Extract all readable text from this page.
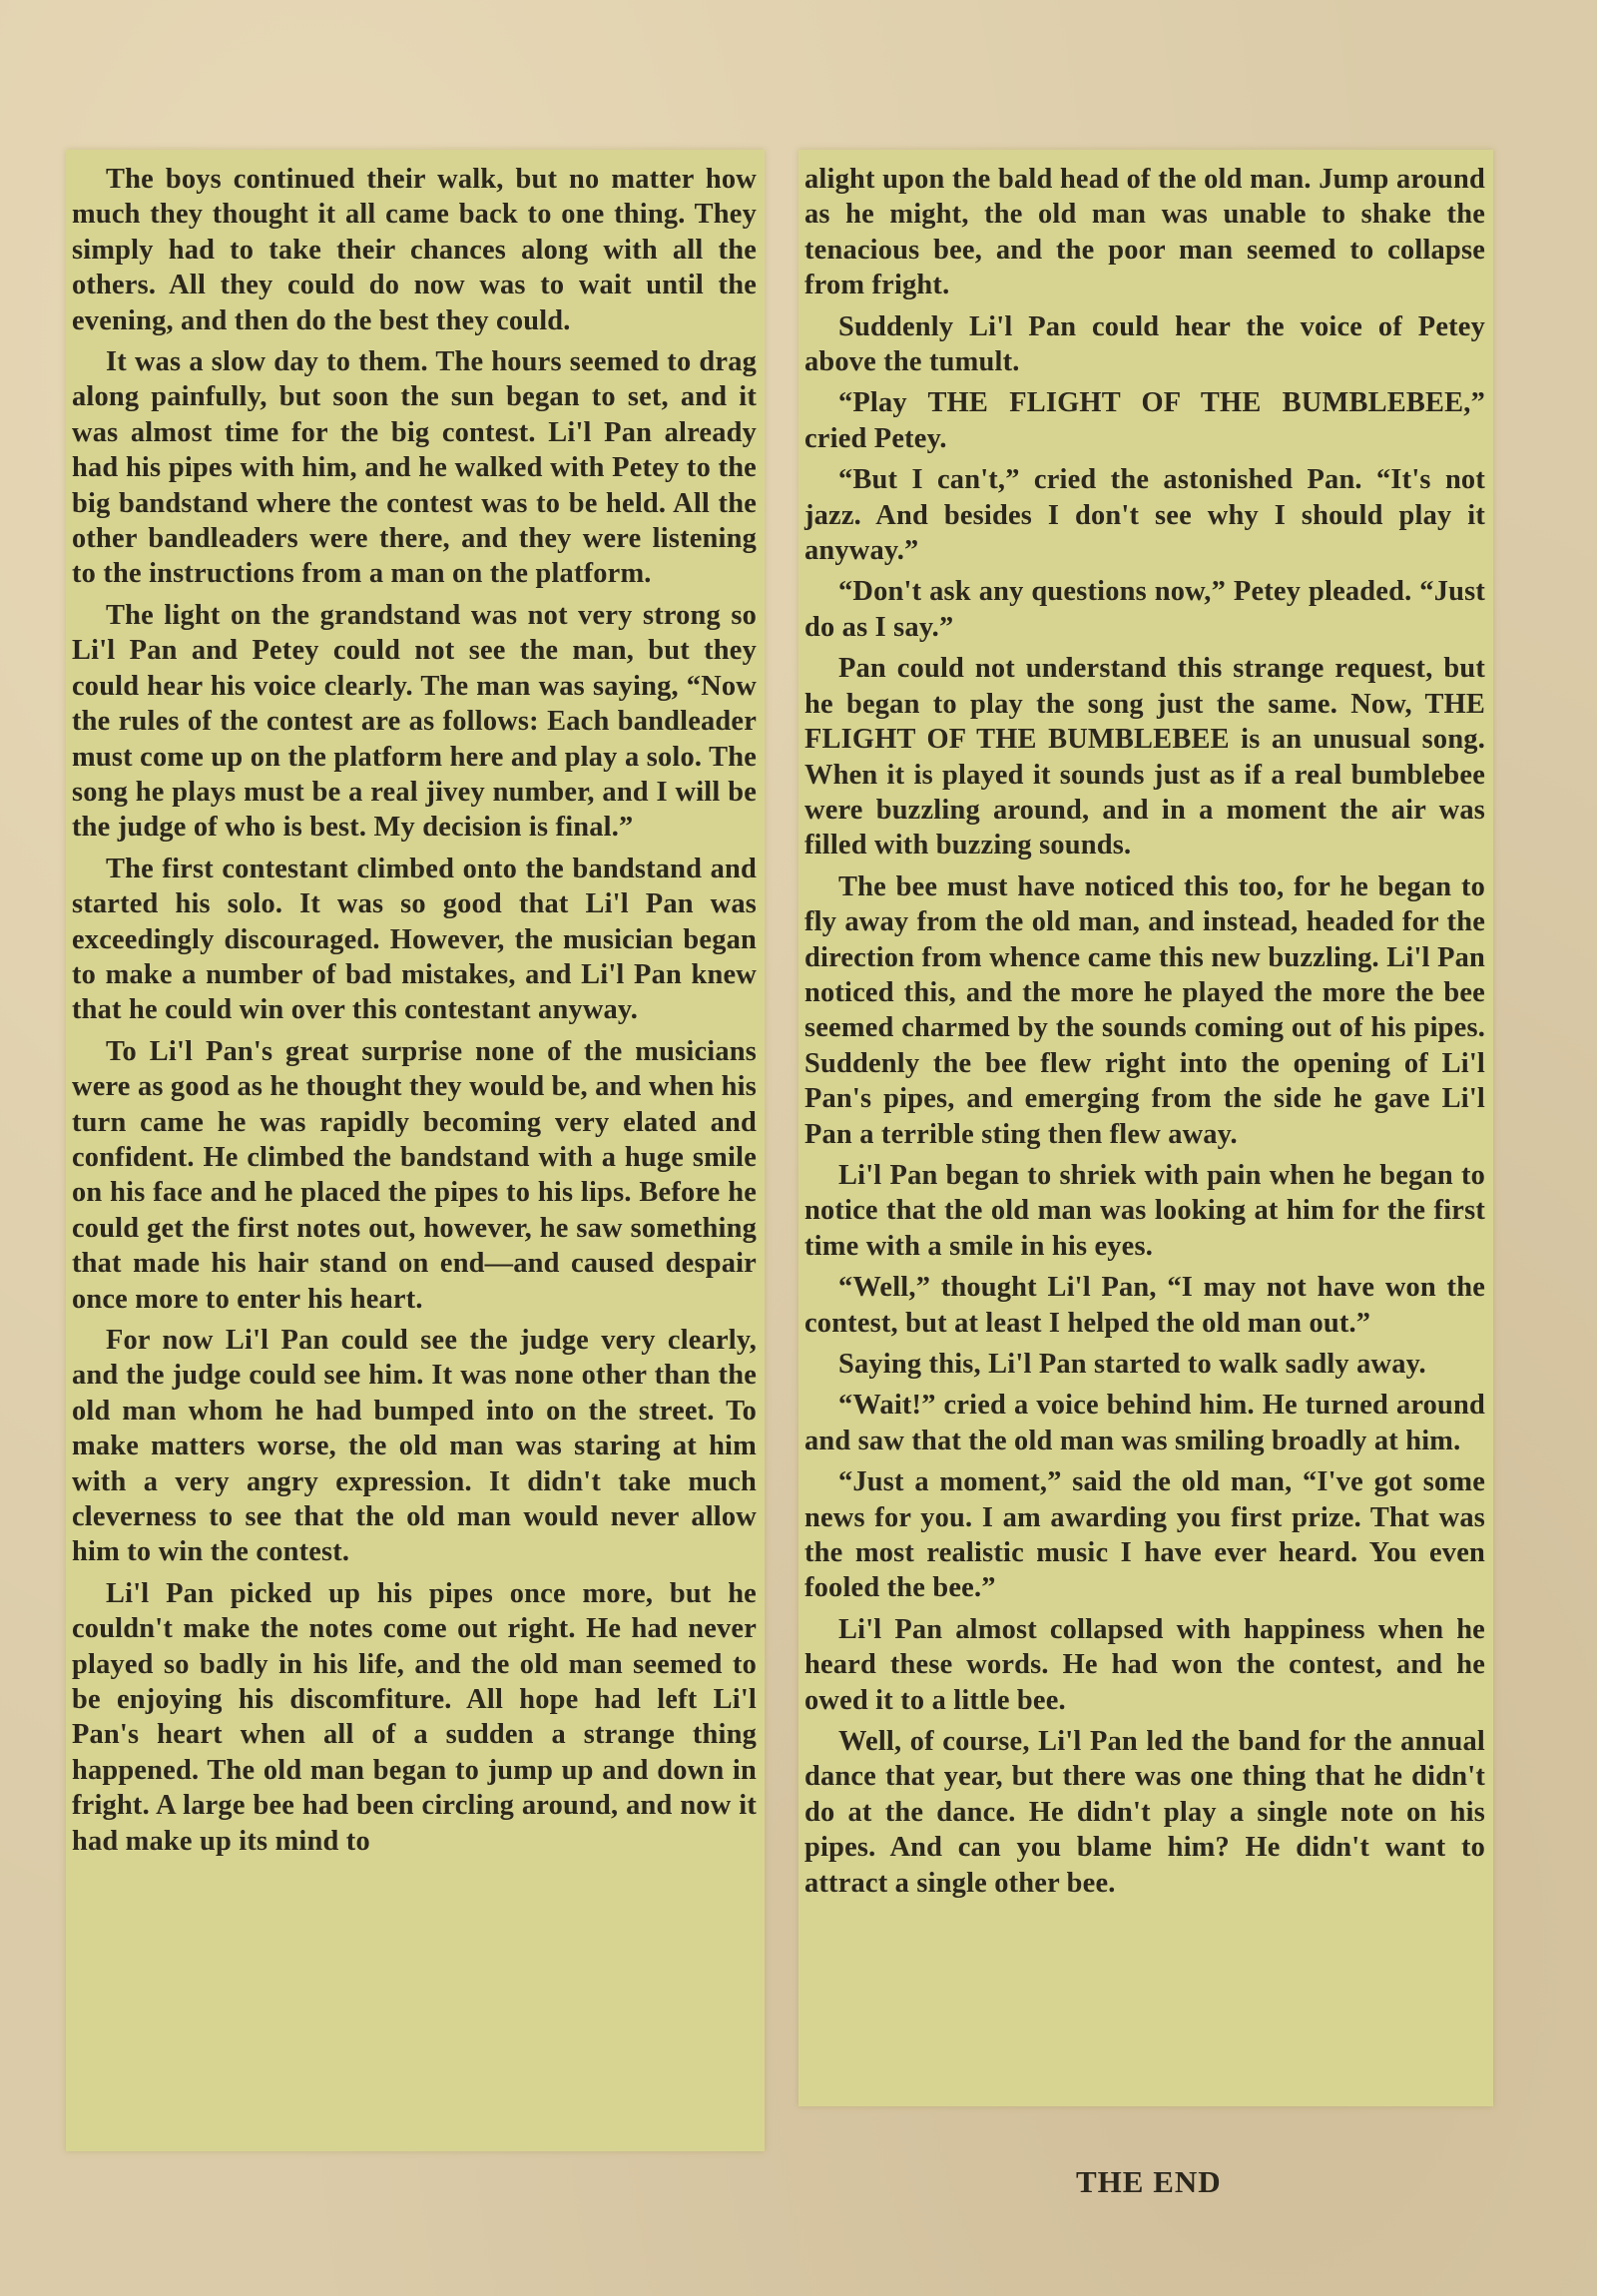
The boys continued their walk, but no matter how much they thought it all came back to one thing. They simply had to take their chances along with all the others. All they could do now was to wait until the evening, and then do the best they could.

It was a slow day to them. The hours seemed to drag along painfully, but soon the sun began to set, and it was almost time for the big contest. Li'l Pan already had his pipes with him, and he walked with Petey to the big bandstand where the contest was to be held. All the other bandleaders were there, and they were listening to the instructions from a man on the platform.

The light on the grandstand was not very strong so Li'l Pan and Petey could not see the man, but they could hear his voice clearly. The man was saying, “Now the rules of the contest are as follows: Each bandleader must come up on the platform here and play a solo. The song he plays must be a real jivey number, and I will be the judge of who is best. My decision is final.”

The first contestant climbed onto the bandstand and started his solo. It was so good that Li'l Pan was exceedingly discouraged. However, the musician began to make a number of bad mistakes, and Li'l Pan knew that he could win over this contestant anyway.

To Li'l Pan's great surprise none of the musicians were as good as he thought they would be, and when his turn came he was rapidly becoming very elated and confident. He climbed the bandstand with a huge smile on his face and he placed the pipes to his lips. Before he could get the first notes out, however, he saw something that made his hair stand on end—and caused despair once more to enter his heart.

For now Li'l Pan could see the judge very clearly, and the judge could see him. It was none other than the old man whom he had bumped into on the street. To make matters worse, the old man was staring at him with a very angry expression. It didn't take much cleverness to see that the old man would never allow him to win the contest.

Li'l Pan picked up his pipes once more, but he couldn't make the notes come out right. He had never played so badly in his life, and the old man seemed to be enjoying his discomfiture. All hope had left Li'l Pan's heart when all of a sudden a strange thing happened. The old man began to jump up and down in fright. A large bee had been circling around, and now it had make up its mind to

alight upon the bald head of the old man. Jump around as he might, the old man was unable to shake the tenacious bee, and the poor man seemed to collapse from fright.

Suddenly Li'l Pan could hear the voice of Petey above the tumult.

“Play THE FLIGHT OF THE BUMBLEBEE,” cried Petey.

“But I can't,” cried the astonished Pan. “It's not jazz. And besides I don't see why I should play it anyway.”

“Don't ask any questions now,” Petey pleaded. “Just do as I say.”

Pan could not understand this strange request, but he began to play the song just the same. Now, THE FLIGHT OF THE BUMBLEBEE is an unusual song. When it is played it sounds just as if a real bumblebee were buzzling around, and in a moment the air was filled with buzzing sounds.

The bee must have noticed this too, for he began to fly away from the old man, and instead, headed for the direction from whence came this new buzzling. Li'l Pan noticed this, and the more he played the more the bee seemed charmed by the sounds coming out of his pipes. Suddenly the bee flew right into the opening of Li'l Pan's pipes, and emerging from the side he gave Li'l Pan a terrible sting then flew away.

Li'l Pan began to shriek with pain when he began to notice that the old man was looking at him for the first time with a smile in his eyes.

“Well,” thought Li'l Pan, “I may not have won the contest, but at least I helped the old man out.”

Saying this, Li'l Pan started to walk sadly away.

“Wait!” cried a voice behind him. He turned around and saw that the old man was smiling broadly at him.

“Just a moment,” said the old man, “I've got some news for you. I am awarding you first prize. That was the most realistic music I have ever heard. You even fooled the bee.”

Li'l Pan almost collapsed with happiness when he heard these words. He had won the contest, and he owed it to a little bee.

Well, of course, Li'l Pan led the band for the annual dance that year, but there was one thing that he didn't do at the dance. He didn't play a single note on his pipes. And can you blame him? He didn't want to attract a single other bee.

THE END
